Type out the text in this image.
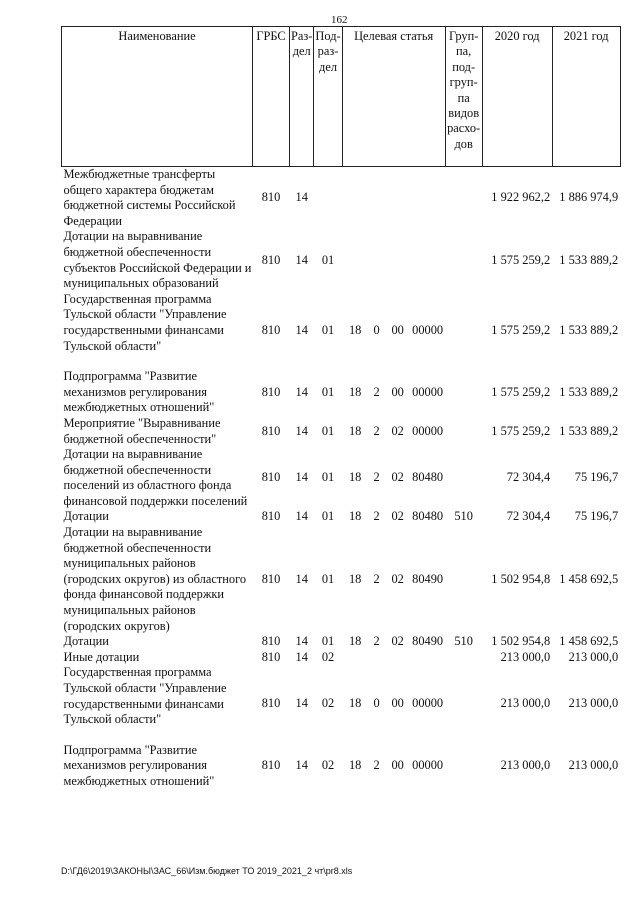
162
Наименование	ГРБС	Раз- дел	Под- раз- дел	Целевая статья				Груп- па, под- груп- па видов расхо- дов	2020 год	2021 год
Межбюджетные трансферты общего характера бюджетам бюджетной системы Российской Федерации	810	14							1 922 962,2	1 886 974,9
Дотации на выравнивание бюджетной обеспеченности субъектов Российской Федерации и муниципальных образований	810	14	01						1 575 259,2	1 533 889,2
Государственная программа Тульской области "Управление государственными финансами Тульской области"	810	14	01	18	0	00	00000		1 575 259,2	1 533 889,2
Подпрограмма "Развитие механизмов регулирования межбюджетных отношений"	810	14	01	18	2	00	00000		1 575 259,2	1 533 889,2
Мероприятие "Выравнивание бюджетной обеспеченности"	810	14	01	18	2	02	00000		1 575 259,2	1 533 889,2
Дотации на выравнивание бюджетной обеспеченности поселений из областного фонда финансовой поддержки поселений	810	14	01	18	2	02	80480		72 304,4	75 196,7
Дотации	810	14	01	18	2	02	80480	510	72 304,4	75 196,7
Дотации на выравнивание бюджетной обеспеченности муниципальных районов (городских округов) из областного фонда финансовой поддержки муниципальных районов (городских округов)	810	14	01	18	2	02	80490		1 502 954,8	1 458 692,5
Дотации	810	14	01	18	2	02	80490	510	1 502 954,8	1 458 692,5
Иные дотации	810	14	02						213 000,0	213 000,0
Государственная программа Тульской области "Управление государственными финансами Тульской области"	810	14	02	18	0	00	00000		213 000,0	213 000,0
Подпрограмма "Развитие механизмов регулирования межбюджетных отношений"	810	14	02	18	2	00	00000		213 000,0	213 000,0
D:\ГД6\2019\ЗАКОНЫ\ЗАС_66\Изм.бюджет ТО 2019_2021_2 чт\pr8.xls
